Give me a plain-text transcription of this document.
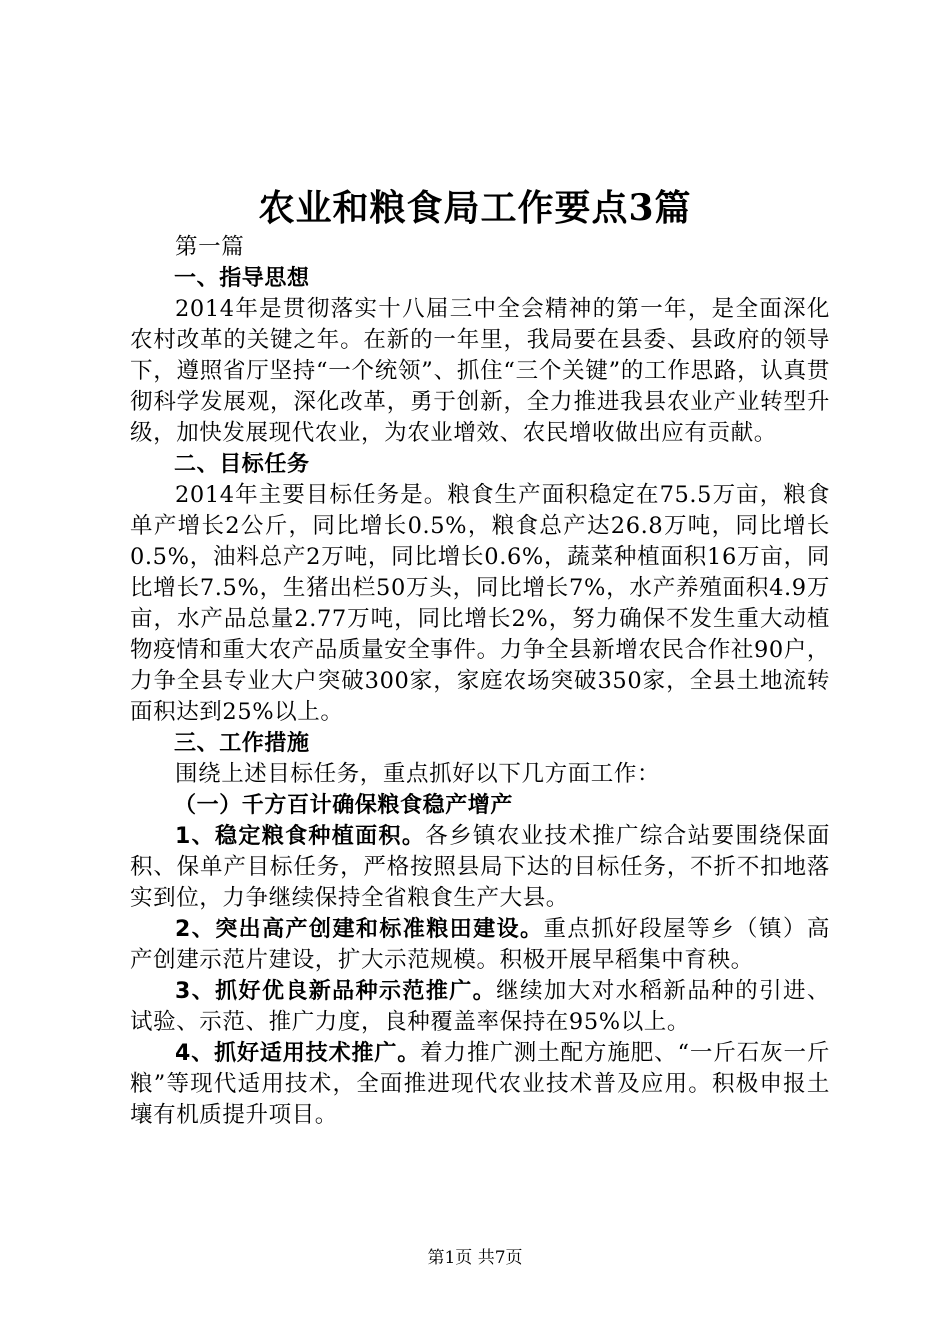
农业和粮食局工作要点3篇

第一篇

一、指导思想

2014年是贯彻落实十八届三中全会精神的第一年，是全面深化农村改革的关键之年。在新的一年里，我局要在县委、县政府的领导下，遵照省厅坚持“一个统领”、抓住“三个关键”的工作思路，认真贯彻科学发展观，深化改革，勇于创新，全力推进我县农业产业转型升级，加快发展现代农业，为农业增效、农民增收做出应有贡献。

二、目标任务

2014年主要目标任务是。粮食生产面积稳定在75.5万亩，粮食单产增长2公斤，同比增长0.5%，粮食总产达26.8万吨，同比增长0.5%，油料总产2万吨，同比增长0.6%，蔬菜种植面积16万亩，同比增长7.5%，生猪出栏50万头，同比增长7%，水产养殖面积4.9万亩，水产品总量2.77万吨，同比增长2%，努力确保不发生重大动植物疫情和重大农产品质量安全事件。力争全县新增农民合作社90户，力争全县专业大户突破300家，家庭农场突破350家，全县土地流转面积达到25%以上。

三、工作措施

围绕上述目标任务，重点抓好以下几方面工作：

（一）千方百计确保粮食稳产增产

1、稳定粮食种植面积。各乡镇农业技术推广综合站要围绕保面积、保单产目标任务，严格按照县局下达的目标任务，不折不扣地落实到位，力争继续保持全省粮食生产大县。

2、突出高产创建和标准粮田建设。重点抓好段屋等乡（镇）高产创建示范片建设，扩大示范规模。积极开展早稻集中育秧。

3、抓好优良新品种示范推广。继续加大对水稻新品种的引进、试验、示范、推广力度，良种覆盖率保持在95%以上。

4、抓好适用技术推广。着力推广测土配方施肥、“一斤石灰一斤粮”等现代适用技术，全面推进现代农业技术普及应用。积极申报土壤有机质提升项目。

第1页 共7页
